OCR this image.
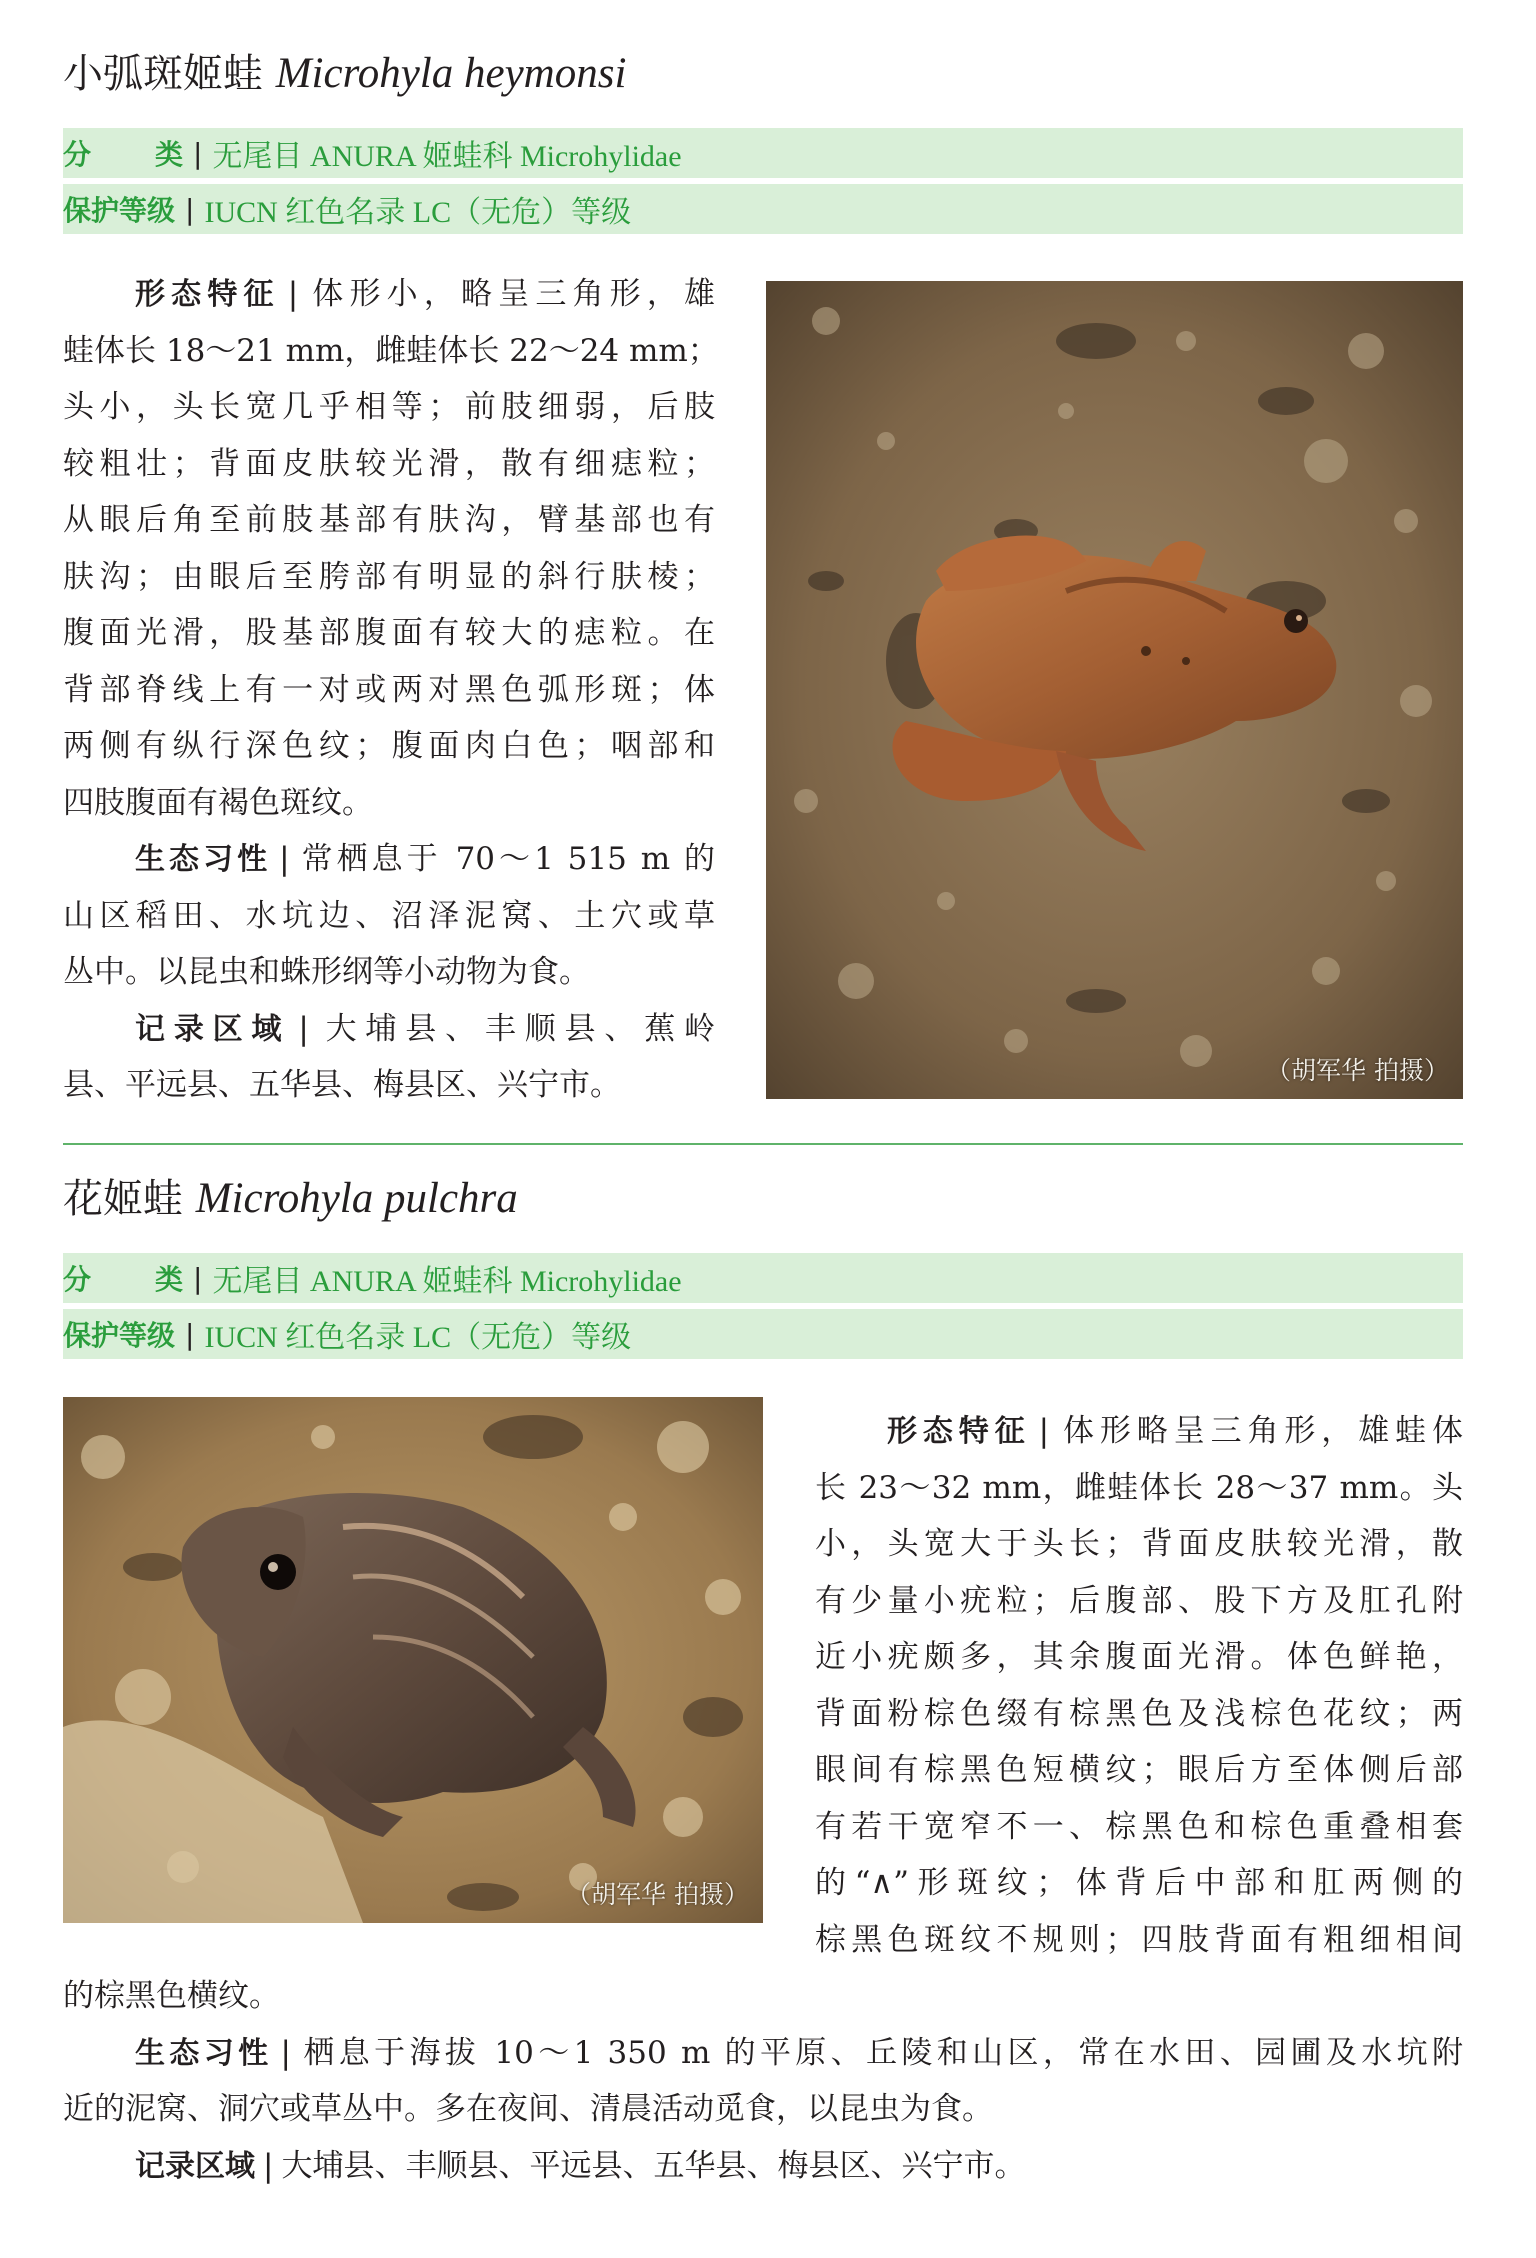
小弧斑姬蛙 Microhyla heymonsi
分类 | 无尾目 ANURA 姬蛙科 Microhylidae
保护等级 | IUCN 红色名录 LC（无危）等级
形态特征 | 体形小，略呈三角形，雄
蛙体长 18～21 mm，雌蛙体长 22～24 mm；
头小，头长宽几乎相等；前肢细弱，后肢
较粗壮；背面皮肤较光滑，散有细痣粒；
从眼后角至前肢基部有肤沟，臂基部也有
肤沟；由眼后至胯部有明显的斜行肤棱；
腹面光滑，股基部腹面有较大的痣粒。在
背部脊线上有一对或两对黑色弧形斑；体
两侧有纵行深色纹；腹面肉白色；咽部和
四肢腹面有褐色斑纹。
生态习性 | 常栖息于 70～1 515 m 的
山区稻田、水坑边、沼泽泥窝、土穴或草
丛中。以昆虫和蛛形纲等小动物为食。
记录区域 | 大埔县、丰顺县、蕉岭
县、平远县、五华县、梅县区、兴宁市。	（胡军华 拍摄）
花姬蛙 Microhyla pulchra
分类 | 无尾目 ANURA 姬蛙科 Microhylidae
保护等级 | IUCN 红色名录 LC（无危）等级
（胡军华 拍摄）
形态特征 | 体形略呈三角形，雄蛙体
长 23～32 mm，雌蛙体长 28～37 mm。头
小，头宽大于头长；背面皮肤较光滑，散
有少量小疣粒；后腹部、股下方及肛孔附
近小疣颇多，其余腹面光滑。体色鲜艳，
背面粉棕色缀有棕黑色及浅棕色花纹；两
眼间有棕黑色短横纹；眼后方至体侧后部
有若干宽窄不一、棕黑色和棕色重叠相套
的“∧”形斑纹；体背后中部和肛两侧的
棕黑色斑纹不规则；四肢背面有粗细相间
的棕黑色横纹。
生态习性 | 栖息于海拔 10～1 350 m 的平原、丘陵和山区，常在水田、园圃及水坑附
近的泥窝、洞穴或草丛中。多在夜间、清晨活动觅食，以昆虫为食。
记录区域 | 大埔县、丰顺县、平远县、五华县、梅县区、兴宁市。
